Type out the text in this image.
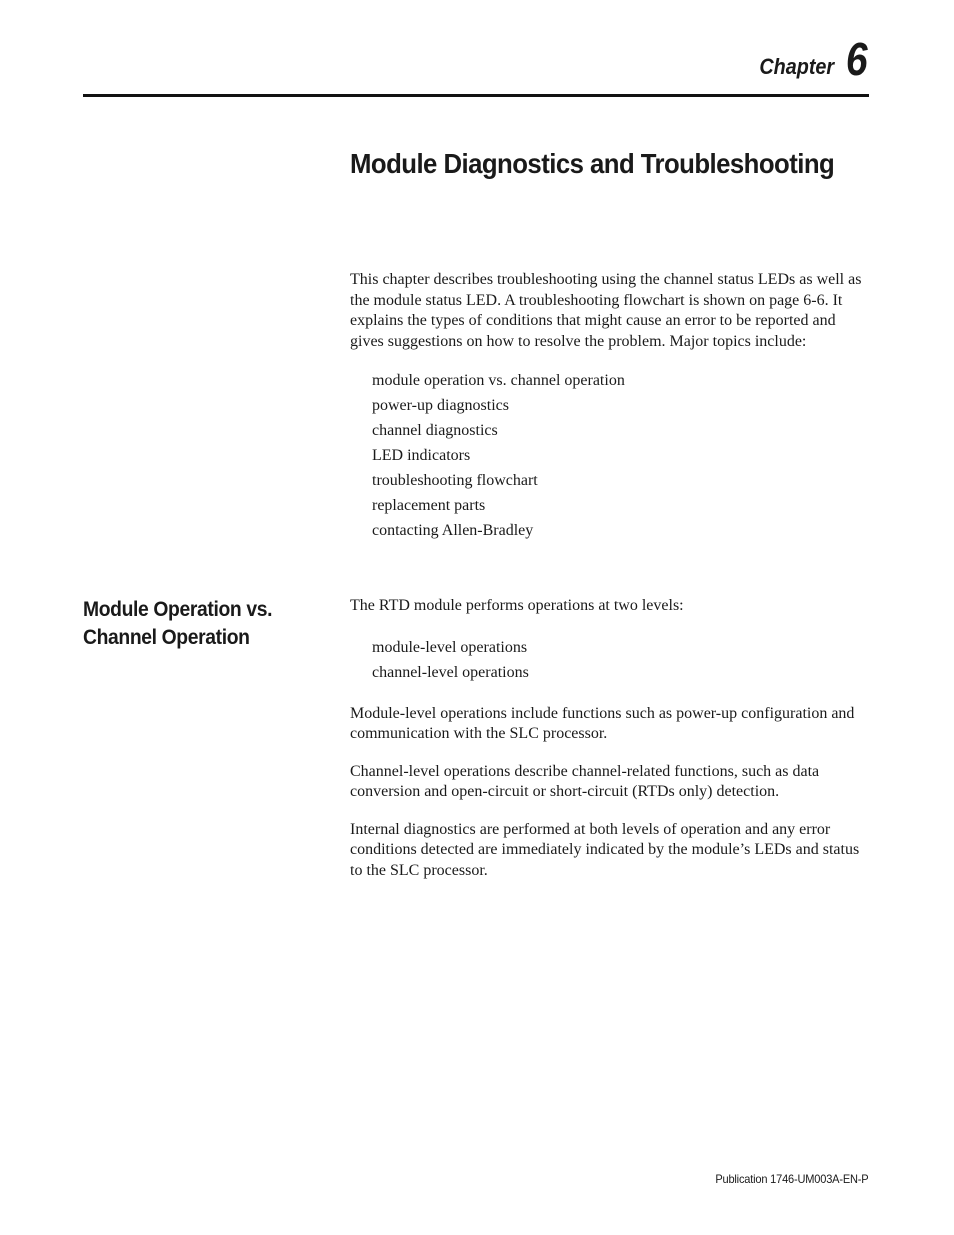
Chapter 6
Module Diagnostics and Troubleshooting

This chapter describes troubleshooting using the channel status LEDs as well as the module status LED. A troubleshooting flowchart is shown on page 6-6. It explains the types of conditions that might cause an error to be reported and gives suggestions on how to resolve the problem. Major topics include:

module operation vs. channel operation
power-up diagnostics
channel diagnostics
LED indicators
troubleshooting flowchart
replacement parts
contacting Allen-Bradley
Module Operation vs. Channel Operation

The RTD module performs operations at two levels:

module-level operations
channel-level operations

Module-level operations include functions such as power-up configuration and communication with the SLC processor.

Channel-level operations describe channel-related functions, such as data conversion and open-circuit or short-circuit (RTDs only) detection.

Internal diagnostics are performed at both levels of operation and any error conditions detected are immediately indicated by the module’s LEDs and status to the SLC processor.

Publication 1746-UM003A-EN-P
